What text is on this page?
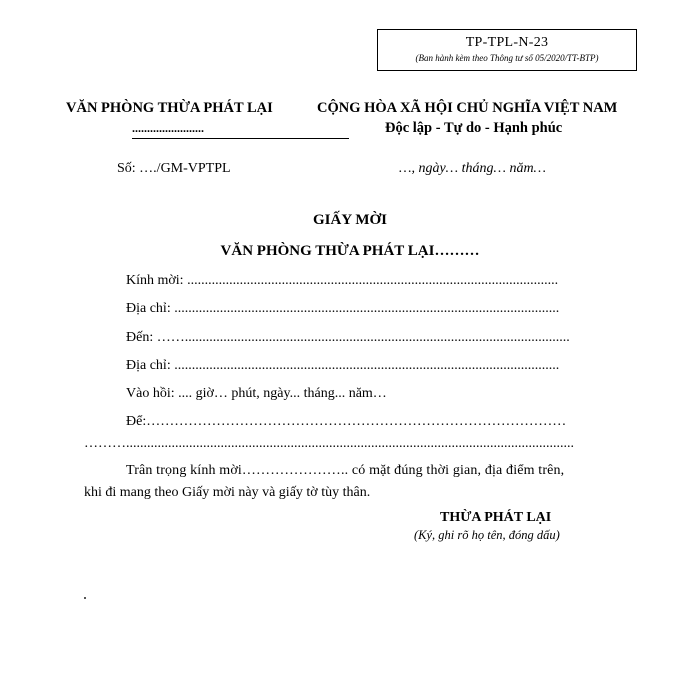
TP-TPL-N-23
(Ban hành kèm theo Thông tư số 05/2020/TT-BTP)
VĂN PHÒNG THỪA PHÁT LẠI
........................
CỘNG HÒA XÃ HỘI CHỦ NGHĨA VIỆT NAM
Độc lập - Tự do - Hạnh phúc
Số: …./GM-VPTPL	…, ngày… tháng… năm…
GIẤY MỜI
VĂN PHÒNG THỪA PHÁT LẠI………
Kính mời: ..........................................................................................................
Địa chỉ: ..............................................................................................................
Đến: ……..............................................................................................................
Địa chỉ: ..............................................................................................................
Vào hồi: .... giờ… phút, ngày... tháng... năm…
Để:………………………………………………………………………………
………................................................................................................................................
Trân trọng kính mời………………….. có mặt đúng thời gian, địa điểm trên,
khi đi mang theo Giấy mời này và giấy tờ tùy thân.
THỪA PHÁT LẠI
(Ký, ghi rõ họ tên, đóng dấu)
